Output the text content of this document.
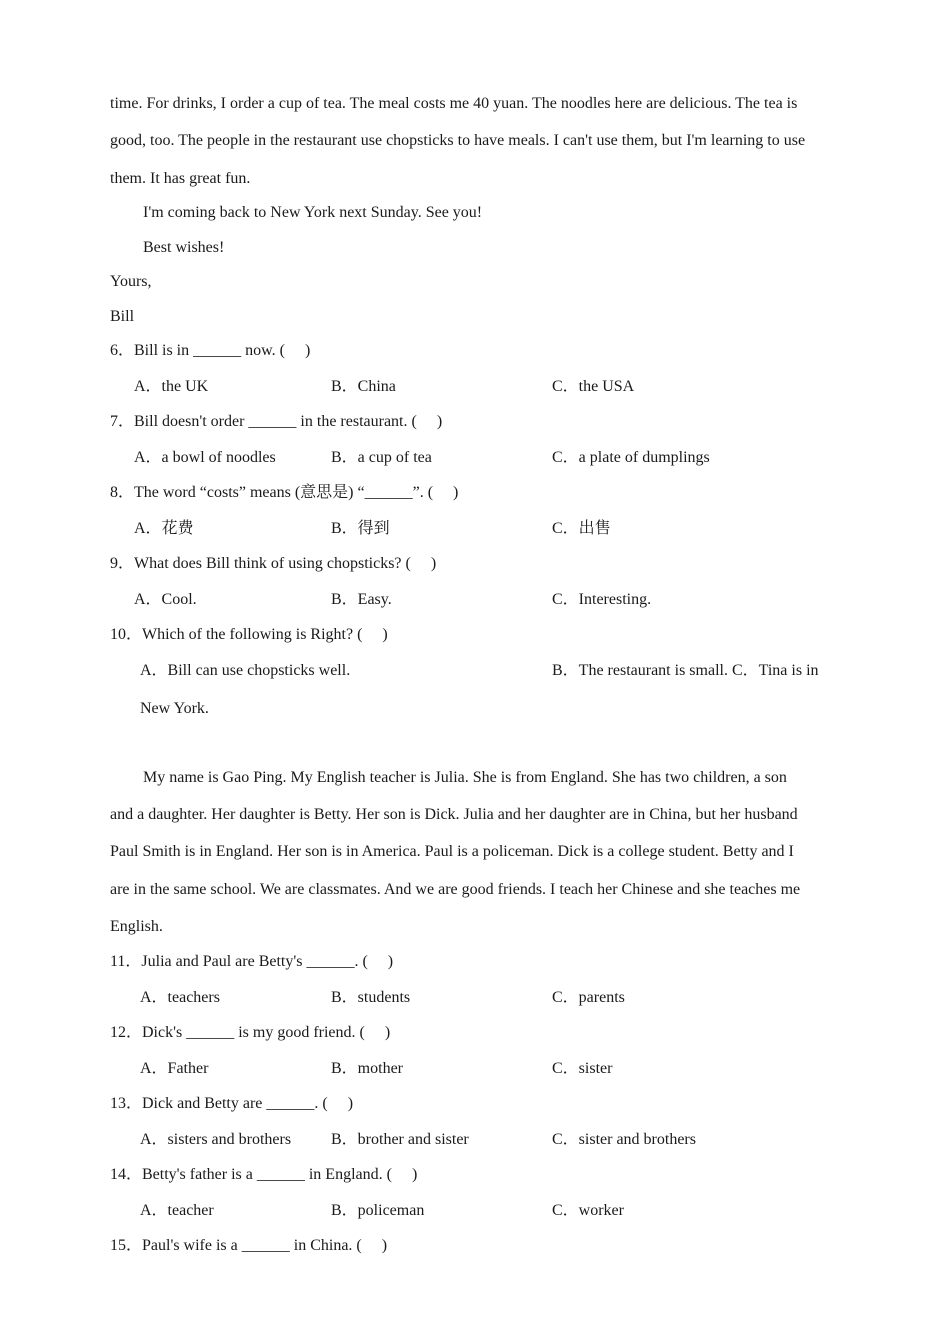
time. For drinks, I order a cup of tea. The meal costs me 40 yuan. The noodles here are delicious. The tea is
good, too. The people in the restaurant use chopsticks to have meals. I can't use them, but I'm learning to use
them. It has great fun.
I'm coming back to New York next Sunday. See you!
Best wishes!
Yours,
Bill
6．Bill is in ______ now. (　 )
A．the UK	B．China	C．the USA
7．Bill doesn't order ______ in the restaurant. (　 )
A．a bowl of noodles	B．a cup of tea	C．a plate of dumplings
8．The word “costs” means (意思是) “______”. (　 )
A．花费	B．得到	C．出售
9．What does Bill think of using chopsticks? (　 )
A．Cool.	B．Easy.	C．Interesting.
10．Which of the following is Right? (　 )
A．Bill can use chopsticks well.	B．The restaurant is small. C．Tina is in
New York.
My name is Gao Ping. My English teacher is Julia. She is from England. She has two children, a son
and a daughter. Her daughter is Betty. Her son is Dick. Julia and her daughter are in China, but her husband
Paul Smith is in England. Her son is in America. Paul is a policeman. Dick is a college student. Betty and I
are in the same school. We are classmates. And we are good friends. I teach her Chinese and she teaches me
English.
11．Julia and Paul are Betty's ______. (　 )
A．teachers	B．students	C．parents
12．Dick's ______ is my good friend. (　 )
A．Father	B．mother	C．sister
13．Dick and Betty are ______. (　 )
A．sisters and brothers B．brother and sister	C．sister and brothers
14．Betty's father is a ______ in England. (　 )
A．teacher	B．policeman	C．worker
15．Paul's wife is a ______ in China. (　 )
